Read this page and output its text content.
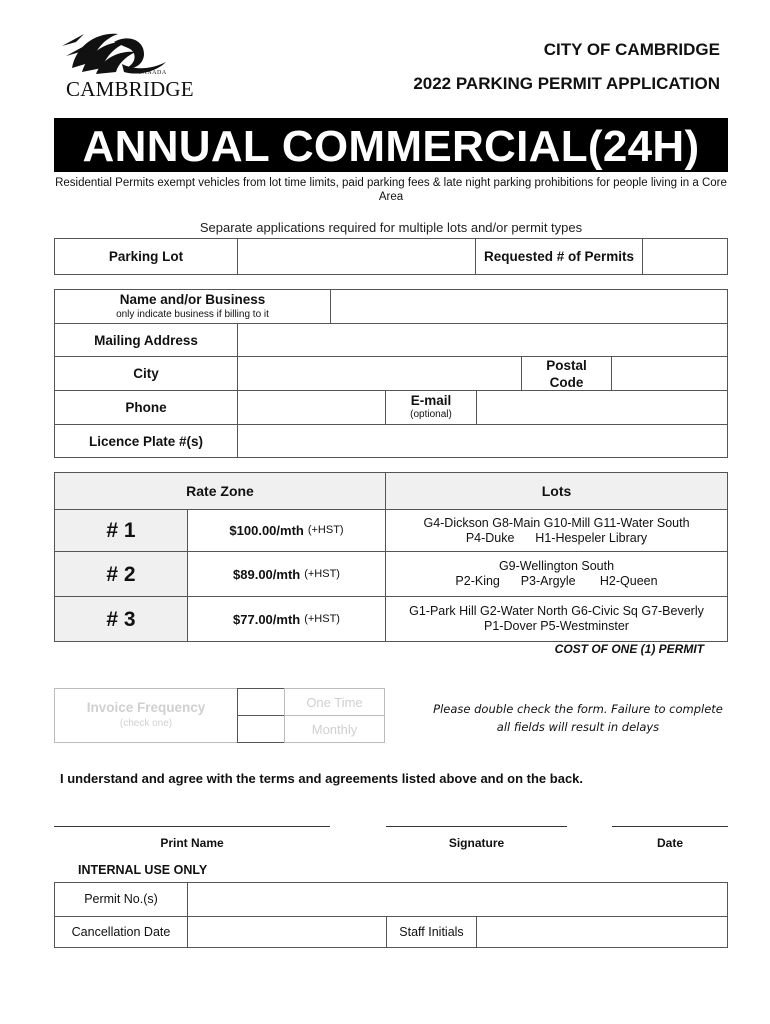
CANADA
CAMBRIDGE
CITY OF CAMBRIDGE
2022 PARKING PERMIT APPLICATION
ANNUAL COMMERCIAL(24H)
Residential Permits exempt vehicles from lot time limits, paid parking fees & late night parking prohibitions for people living in a Core Area
Separate applications required for multiple lots and/or permit types
Parking Lot	Requested # of Permits
Name and/or Business
only indicate business if billing to it
Mailing Address
City
Postal Code
Phone	E-mail
(optional)
Licence Plate #(s)
Rate Zone	Lots
# 1	$100.00/mth (+HST)
G4-Dickson G8-Main G10-Mill G11-Water South
P4-Duke      H1-Hespeler Library
# 2	$89.00/mth (+HST)
G9-Wellington South
P2-King      P3-Argyle       H2-Queen
# 3	$77.00/mth (+HST)
G1-Park Hill G2-Water North G6-Civic Sq G7-Beverly
P1-Dover P5-Westminster
COST OF ONE (1) PERMIT
Invoice Frequency
(check one)
One Time
Monthly
Please double check the form. Failure to complete all fields will result in delays
I understand and agree with the terms and agreements listed above and on the back.
Print Name	Signature	Date
INTERNAL USE ONLY
Permit No.(s)
Cancellation Date	Staff Initials
